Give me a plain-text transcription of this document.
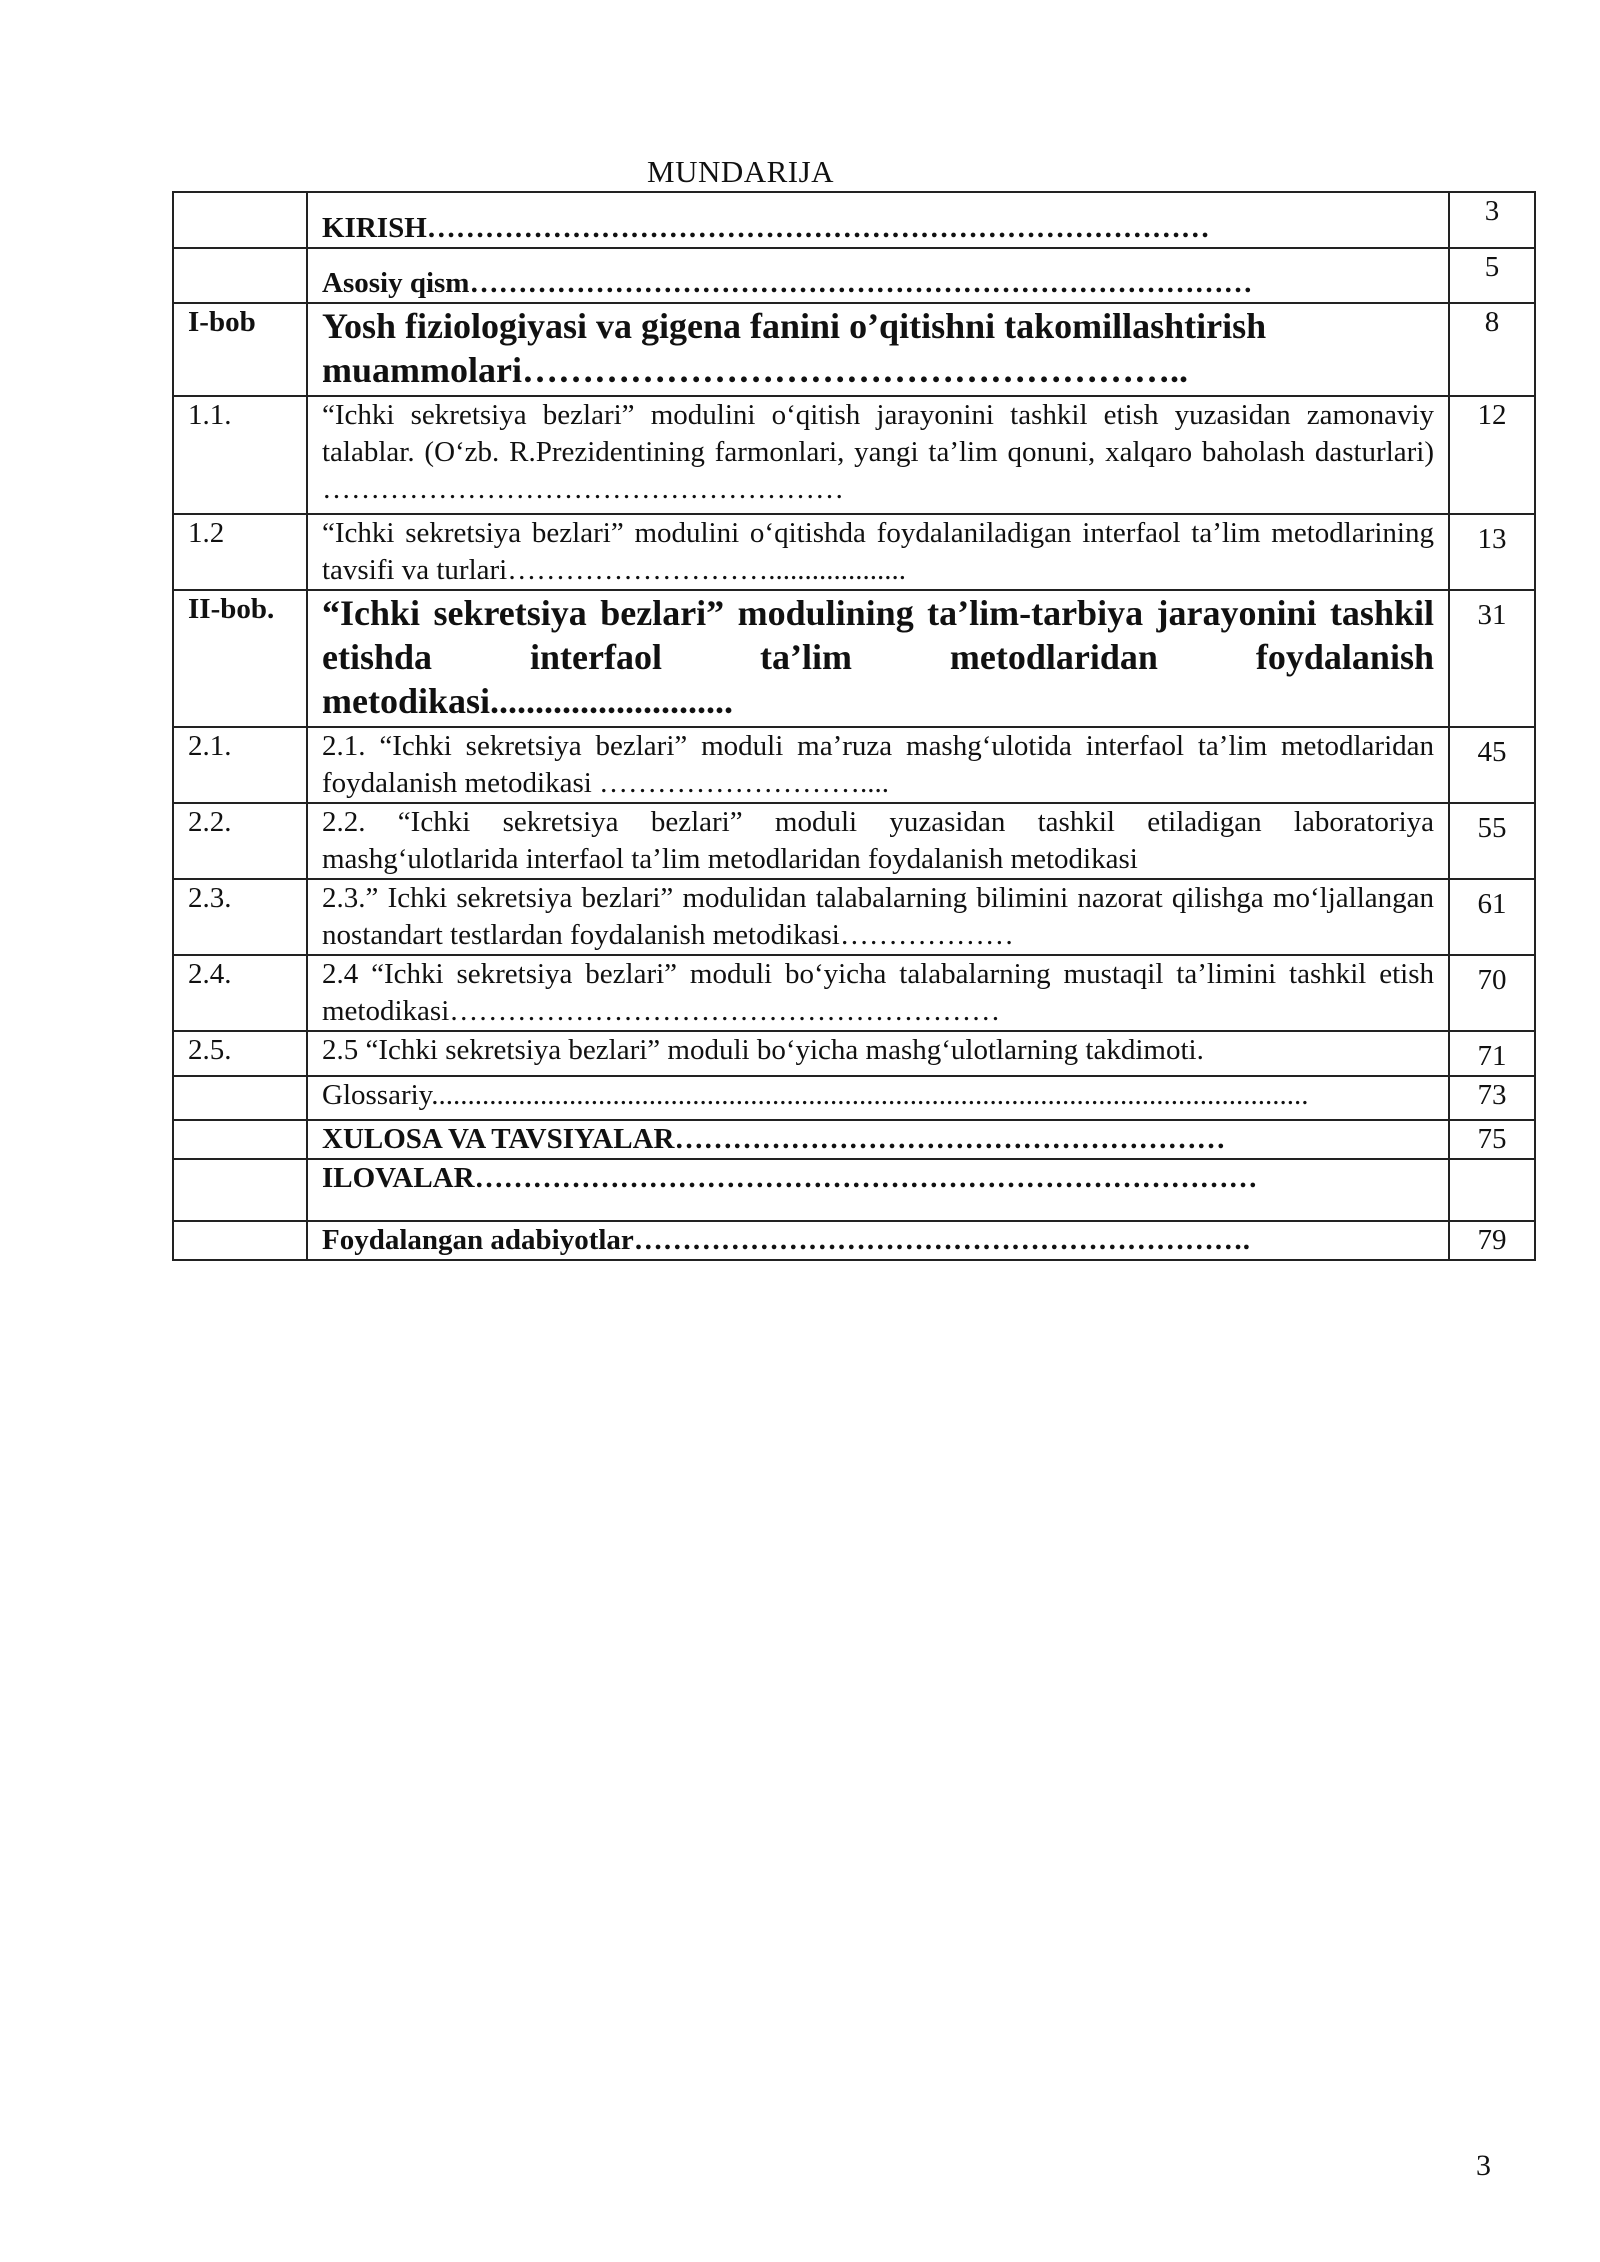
MUNDARIJA
	KIRISH………………………………………………………………………	3
	Asosiy qism………………………………………………………………………	5
I-bob	Yosh fiziologiyasi va gigena fanini o’qitishni takomillashtirish muammolari………………………………………………..	8
1.1.	“Ichki sekretsiya bezlari” modulini o‘qitish jarayonini tashkil etish yuzasidan zamonaviy talablar. (O‘zb. R.Prezidentining farmonlari, yangi ta’lim qonuni, xalqaro baholash dasturlari) ………………………………………………	12
1.2	“Ichki sekretsiya bezlari” modulini o‘qitishda foydalaniladigan interfaol ta’lim metodlarining tavsifi va turlari………………………...................	13
II-bob.	“Ichki sekretsiya bezlari” modulining ta’lim-tarbiya jarayonini tashkil etishda interfaol ta’lim metodlaridan foydalanish metodikasi...........................	31
2.1.	2.1. “Ichki sekretsiya bezlari” moduli ma’ruza mashg‘ulotida interfaol ta’lim metodlaridan foydalanish metodikasi ………………………....	45
2.2.	2.2. “Ichki sekretsiya bezlari” moduli yuzasidan tashkil etiladigan laboratoriya mashg‘ulotlarida interfaol ta’lim metodlaridan foydalanish metodikasi	55
2.3.	2.3.” Ichki sekretsiya bezlari” modulidan talabalarning bilimini nazorat qilishga mo‘ljallangan nostandart testlardan foydalanish metodikasi………………	61
2.4.	2.4 “Ichki sekretsiya bezlari” moduli bo‘yicha talabalarning mustaqil ta’limini tashkil etish metodikasi…………………………………………………	70
2.5.	2.5 “Ichki sekretsiya bezlari” moduli bo‘yicha mashg‘ulotlarning takdimoti.	71
	Glossariy.........................................................................................................................	73
	XULOSA VA TAVSIYALAR…………………………………………………	75
	ILOVALAR………………………………………………………………………	
	Foydalangan adabiyotlar……………………………………………………….	79
3
